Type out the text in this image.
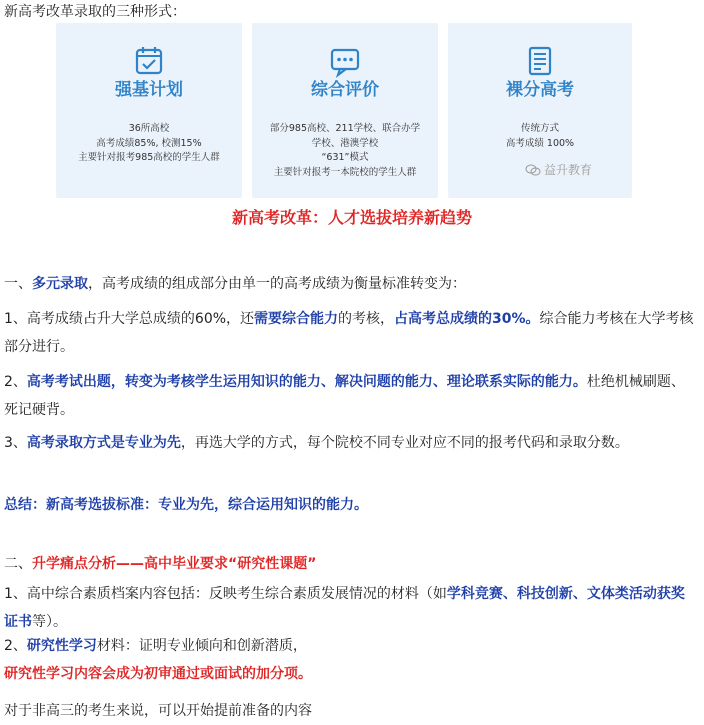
新高考改革录取的三种形式：
强基计划
36所高校
高考成绩85%, 校测15%
主要针对报考985高校的学生人群
综合评价
部分985高校、211学校、联合办学
学校、港澳学校
“631”模式
主要针对报考一本院校的学生人群
裸分高考
传统方式
高考成绩 100%
益升教育
新高考改革：人才选拔培养新趋势
一、多元录取，高考成绩的组成部分由单一的高考成绩为衡量标准转变为：
1、高考成绩占升大学总成绩的60%，还需要综合能力的考核，占高考总成绩的30%。综合能力考核在大学考核部分进行。
2、高考考试出题，转变为考核学生运用知识的能力、解决问题的能力、理论联系实际的能力。杜绝机械刷题、死记硬背。
3、高考录取方式是专业为先，再选大学的方式，每个院校不同专业对应不同的报考代码和录取分数。
总结：新高考选拔标准：专业为先，综合运用知识的能力。
二、升学痛点分析——高中毕业要求“研究性课题”
1、高中综合素质档案内容包括：反映考生综合素质发展情况的材料（如学科竞赛、科技创新、文体类活动获奖证书等）。
2、研究性学习材料：证明专业倾向和创新潜质，
研究性学习内容会成为初审通过或面试的加分项。
对于非高三的考生来说，可以开始提前准备的内容
